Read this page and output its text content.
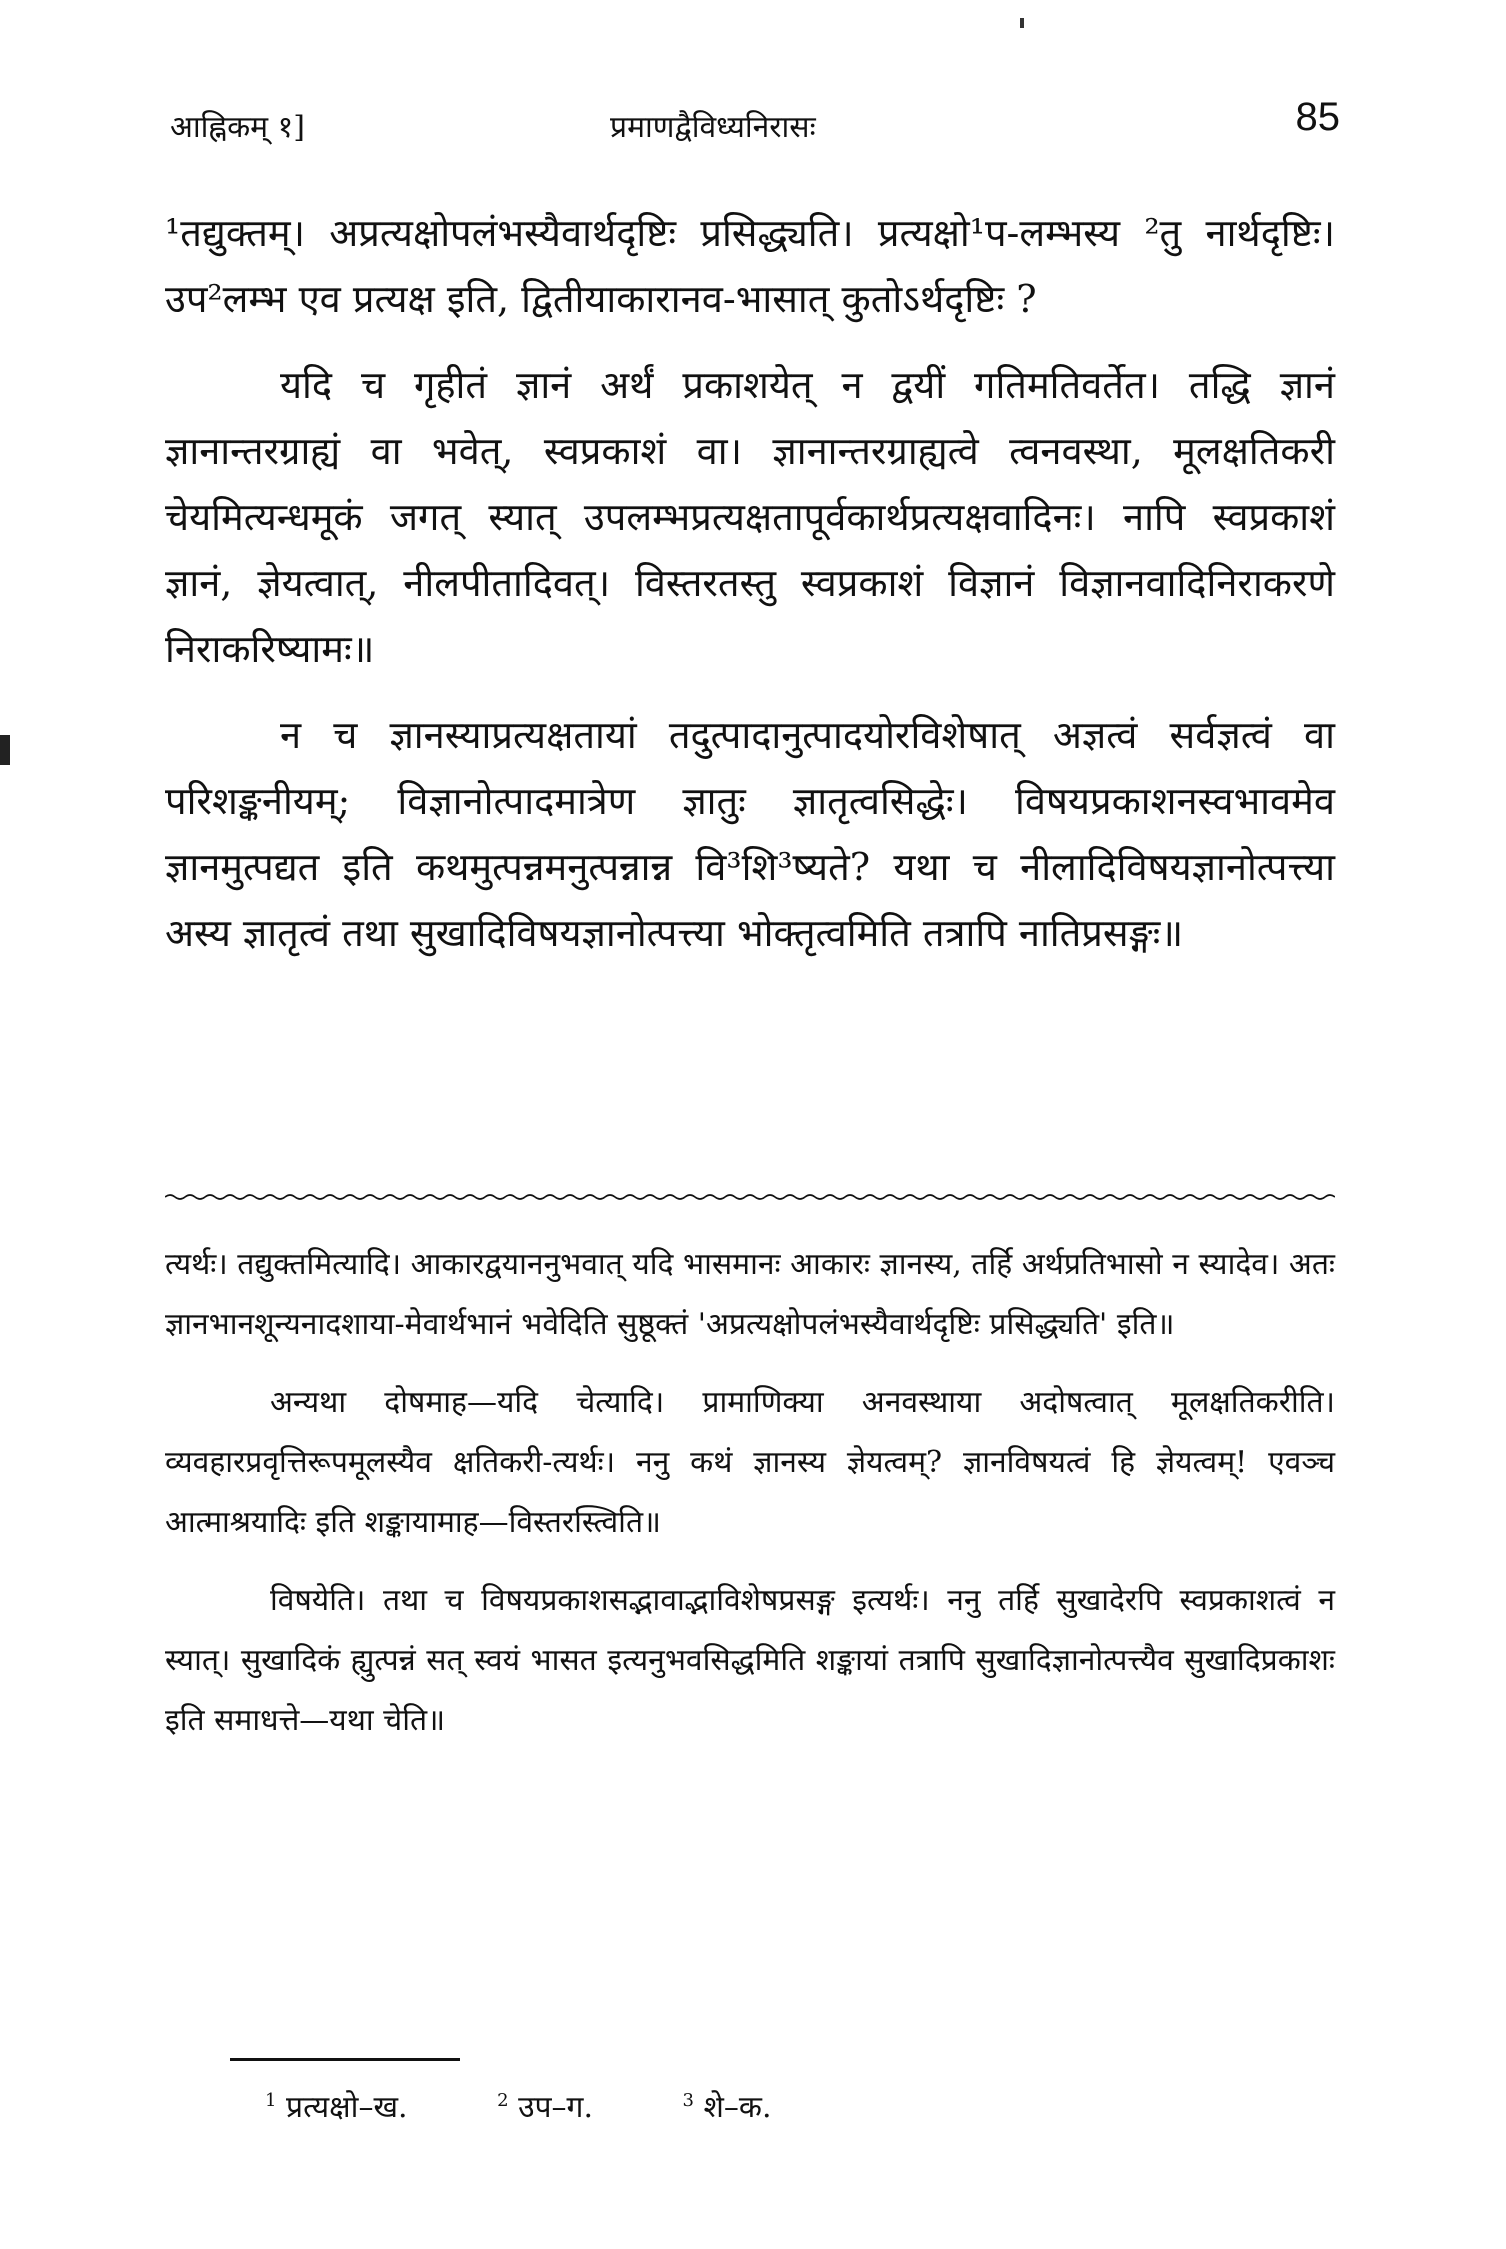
आह्निकम् १]	प्रमाणद्वैविध्यनिरासः	85

¹तद्युक्तम्। अप्रत्यक्षोपलंभस्यैवार्थदृष्टिः प्रसिद्ध्यति। प्रत्यक्षो¹प-लम्भस्य ²तु नार्थदृष्टिः। उप²लम्भ एव प्रत्यक्ष इति, द्वितीयाकारानव-भासात् कुतोऽर्थदृष्टिः ?

यदि च गृहीतं ज्ञानं अर्थं प्रकाशयेत् न द्वयीं गतिमतिवर्तेत। तद्धि ज्ञानं ज्ञानान्तरग्राह्यं वा भवेत्, स्वप्रकाशं वा। ज्ञानान्तरग्राह्यत्वे त्वनवस्था, मूलक्षतिकरी चेयमित्यन्धमूकं जगत् स्यात् उपलम्भप्रत्यक्षतापूर्वकार्थप्रत्यक्षवादिनः। नापि स्वप्रकाशं ज्ञानं, ज्ञेयत्वात्, नीलपीतादिवत्। विस्तरतस्तु स्वप्रकाशं विज्ञानं विज्ञानवादिनिराकरणे निराकरिष्यामः॥

न च ज्ञानस्याप्रत्यक्षतायां तदुत्पादानुत्पादयोरविशेषात् अज्ञत्वं सर्वज्ञत्वं वा परिशङ्कनीयम्; विज्ञानोत्पादमात्रेण ज्ञातुः ज्ञातृत्वसिद्धेः। विषयप्रकाशनस्वभावमेव ज्ञानमुत्पद्यत इति कथमुत्पन्नमनुत्पन्नान्न वि³शि³ष्यते? यथा च नीलादिविषयज्ञानोत्पत्त्या अस्य ज्ञातृत्वं तथा सुखादिविषयज्ञानोत्पत्त्या भोक्तृत्वमिति तत्रापि नातिप्रसङ्गः॥

त्यर्थः। तद्युक्तमित्यादि। आकारद्वयाननुभवात् यदि भासमानः आकारः ज्ञानस्य, तर्हि अर्थप्रतिभासो न स्यादेव। अतः ज्ञानभानशून्यनादशाया-मेवार्थभानं भवेदिति सुष्ठूक्तं 'अप्रत्यक्षोपलंभस्यैवार्थदृष्टिः प्रसिद्ध्यति' इति॥

अन्यथा दोषमाह—यदि चेत्यादि। प्रामाणिक्या अनवस्थाया अदोषत्वात् मूलक्षतिकरीति। व्यवहारप्रवृत्तिरूपमूलस्यैव क्षतिकरी-त्यर्थः। ननु कथं ज्ञानस्य ज्ञेयत्वम्? ज्ञानविषयत्वं हि ज्ञेयत्वम्! एवञ्च आत्माश्रयादिः इति शङ्कायामाह—विस्तरस्त्विति॥

विषयेति। तथा च विषयप्रकाशसद्भावाद्भाविशेषप्रसङ्ग इत्यर्थः। ननु तर्हि सुखादेरपि स्वप्रकाशत्वं न स्यात्। सुखादिकं ह्युत्पन्नं सत् स्वयं भासत इत्यनुभवसिद्धमिति शङ्कायां तत्रापि सुखादिज्ञानोत्पत्त्यैव सुखादिप्रकाशः इति समाधत्ते—यथा चेति॥

$^1$ प्रत्यक्षो–ख.	$^2$ उप–ग.	$^3$ शे–क.
